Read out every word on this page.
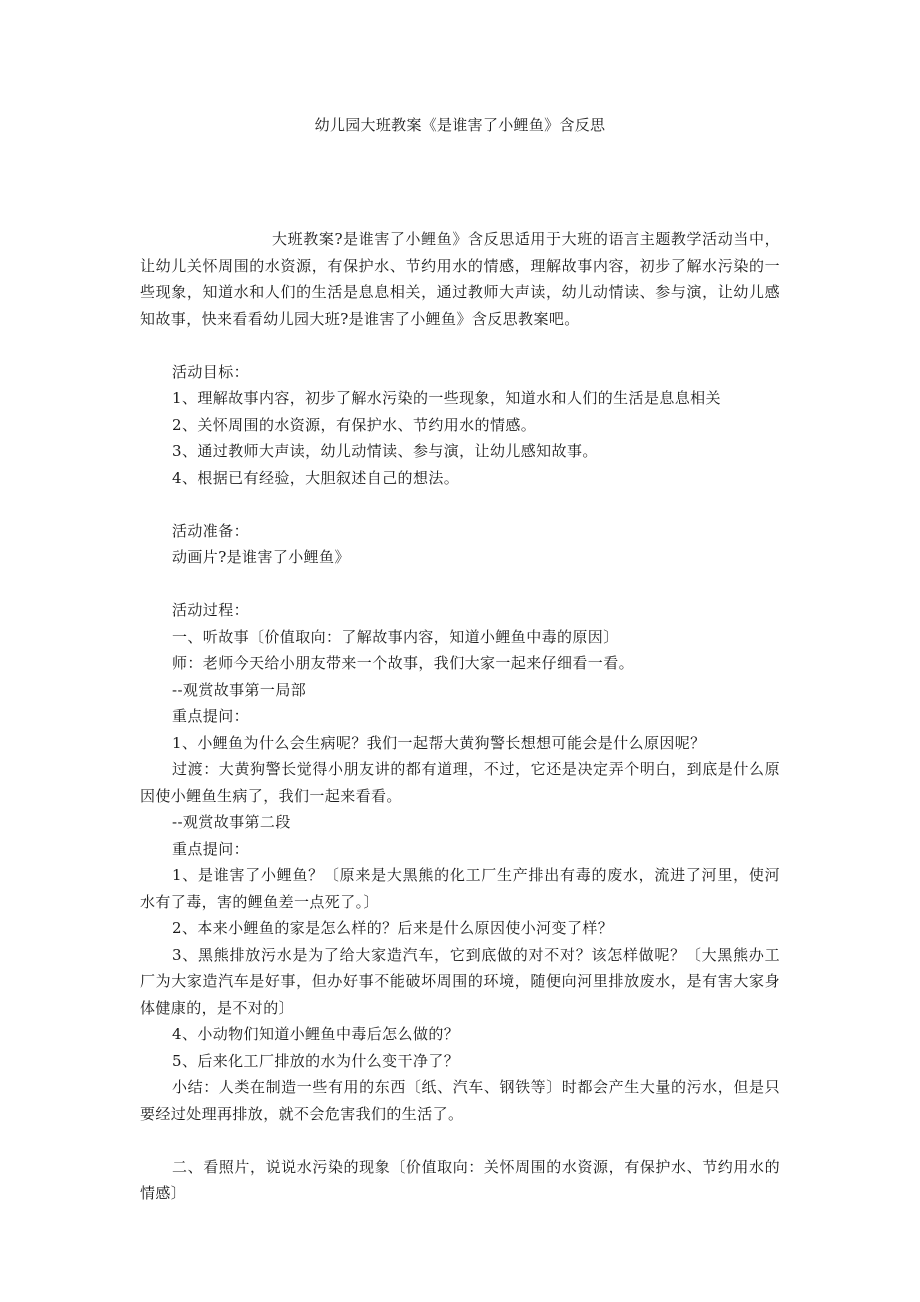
幼儿园大班教案《是谁害了小鲤鱼》含反思

大班教案?是谁害了小鲤鱼》含反思适用于大班的语言主题教学活动当中，让幼儿关怀周围的水资源，有保护水、节约用水的情感，理解故事内容，初步了解水污染的一些现象，知道水和人们的生活是息息相关，通过教师大声读，幼儿动情读、参与演，让幼儿感知故事，快来看看幼儿园大班?是谁害了小鲤鱼》含反思教案吧。

活动目标：

1、理解故事内容，初步了解水污染的一些现象，知道水和人们的生活是息息相关

2、关怀周围的水资源，有保护水、节约用水的情感。

3、通过教师大声读，幼儿动情读、参与演，让幼儿感知故事。

4、根据已有经验，大胆叙述自己的想法。

活动准备：

动画片?是谁害了小鲤鱼》

活动过程：

一、听故事〔价值取向：了解故事内容，知道小鲤鱼中毒的原因〕

师：老师今天给小朋友带来一个故事，我们大家一起来仔细看一看。

--观赏故事第一局部

重点提问：

1、小鲤鱼为什么会生病呢？我们一起帮大黄狗警长想想可能会是什么原因呢？

过渡：大黄狗警长觉得小朋友讲的都有道理，不过，它还是决定弄个明白，到底是什么原因使小鲤鱼生病了，我们一起来看看。

--观赏故事第二段

重点提问：

1、是谁害了小鲤鱼？〔原来是大黑熊的化工厂生产排出有毒的废水，流进了河里，使河水有了毒，害的鲤鱼差一点死了。〕

2、本来小鲤鱼的家是怎么样的？后来是什么原因使小河变了样？

3、黑熊排放污水是为了给大家造汽车，它到底做的对不对？该怎样做呢？〔大黑熊办工厂为大家造汽车是好事，但办好事不能破坏周围的环境，随便向河里排放废水，是有害大家身体健康的，是不对的〕

4、小动物们知道小鲤鱼中毒后怎么做的？

5、后来化工厂排放的水为什么变干净了？

小结：人类在制造一些有用的东西〔纸、汽车、钢铁等〕时都会产生大量的污水，但是只要经过处理再排放，就不会危害我们的生活了。

二、看照片，说说水污染的现象〔价值取向：关怀周围的水资源，有保护水、节约用水的情感〕
